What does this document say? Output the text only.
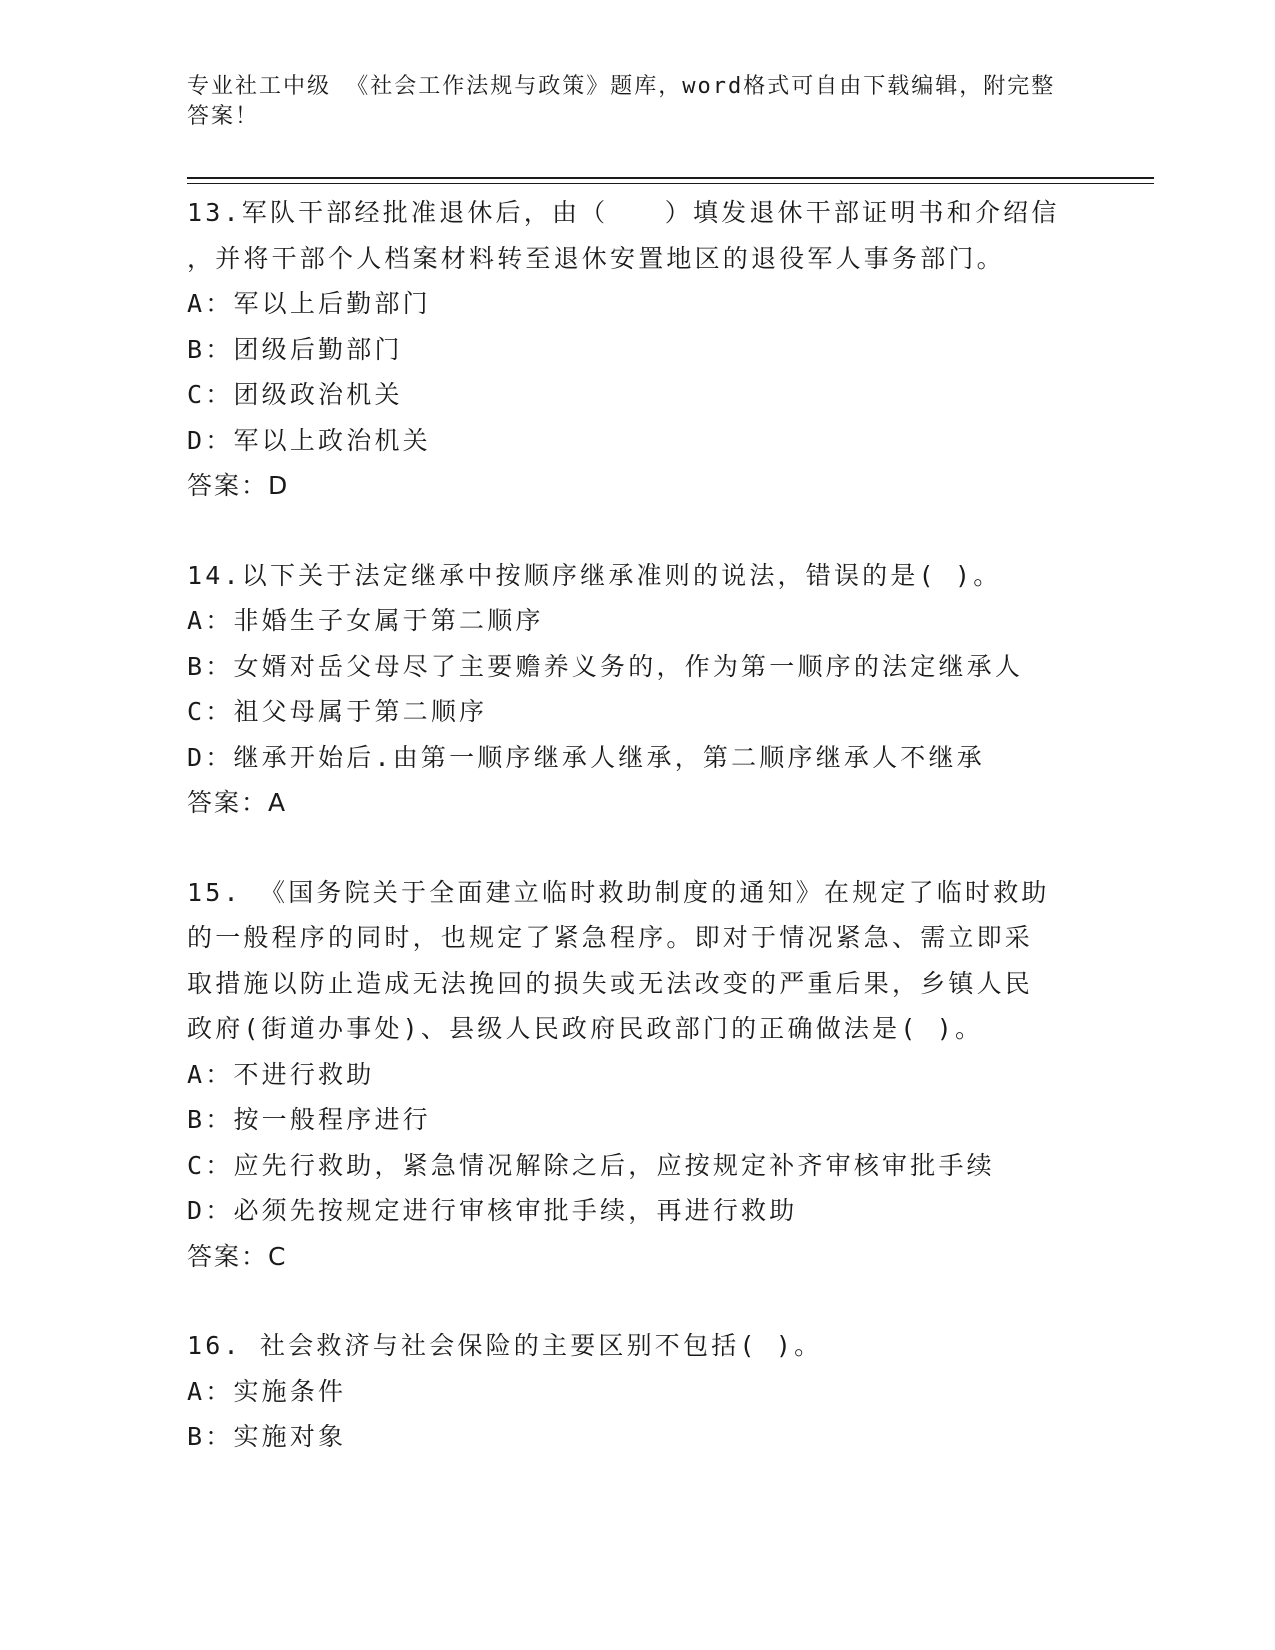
专业社工中级 《社会工作法规与政策》题库，word格式可自由下载编辑，附完整
答案！

13.军队干部经批准退休后，由（　　）填发退休干部证明书和介绍信

，并将干部个人档案材料转至退休安置地区的退役军人事务部门。

A：军以上后勤部门

B：团级后勤部门

C：团级政治机关

D：军以上政治机关

答案：D

14.以下关于法定继承中按顺序继承准则的说法，错误的是( )。

A：非婚生子女属于第二顺序

B：女婿对岳父母尽了主要赡养义务的，作为第一顺序的法定继承人

C：祖父母属于第二顺序

D：继承开始后.由第一顺序继承人继承，第二顺序继承人不继承

答案：A

15. 《国务院关于全面建立临时救助制度的通知》在规定了临时救助

的一般程序的同时，也规定了紧急程序。即对于情况紧急、需立即采

取措施以防止造成无法挽回的损失或无法改变的严重后果，乡镇人民

政府(街道办事处)、县级人民政府民政部门的正确做法是( )。

A：不进行救助

B：按一般程序进行

C：应先行救助，紧急情况解除之后，应按规定补齐审核审批手续

D：必须先按规定进行审核审批手续，再进行救助

答案：C

16. 社会救济与社会保险的主要区别不包括( )。

A：实施条件

B：实施对象
